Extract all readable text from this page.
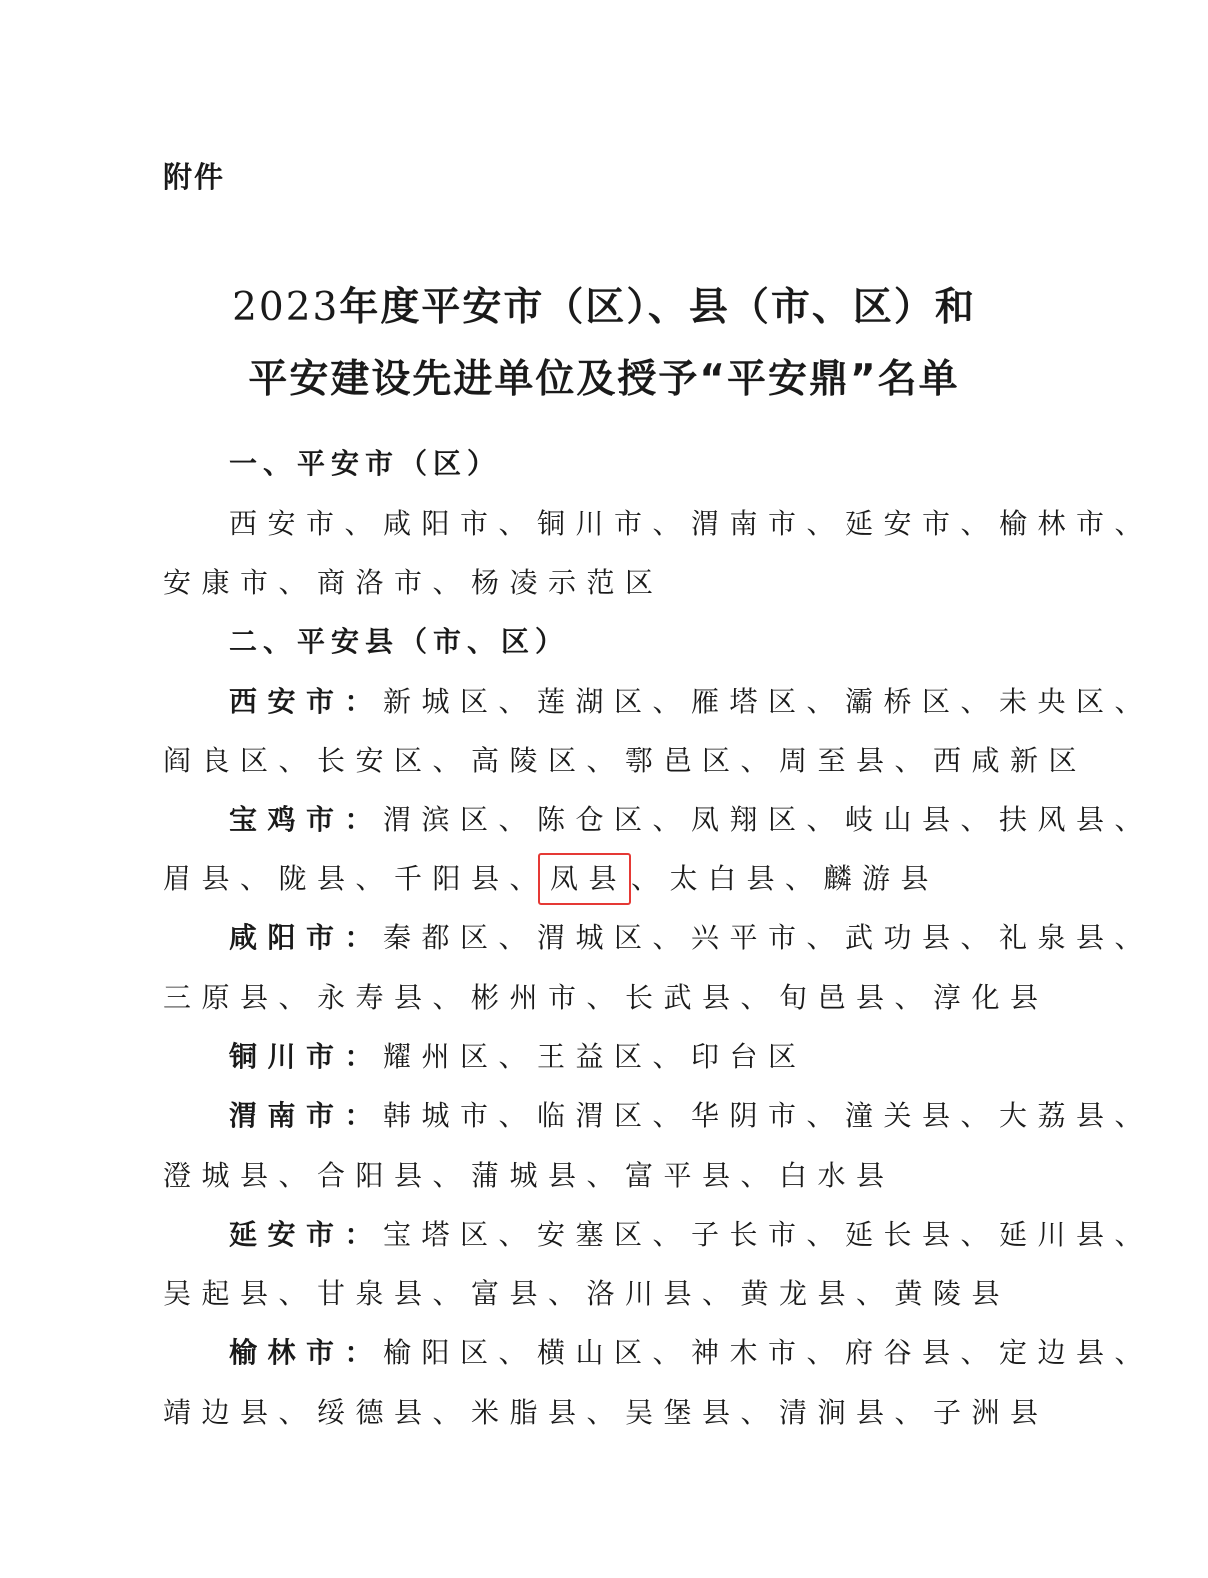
附件
2023年度平安市（区）、县（市、区）和
平安建设先进单位及授予“平安鼎”名单
一、平安市（区）
西安市、咸阳市、铜川市、渭南市、延安市、榆林市、
安康市、商洛市、杨凌示范区
二、平安县（市、区）
西安市：新城区、莲湖区、雁塔区、灞桥区、未央区、
阎良区、长安区、高陵区、鄠邑区、周至县、西咸新区
宝鸡市：渭滨区、陈仓区、凤翔区、岐山县、扶风县、
眉县、陇县、千阳县、凤县 、太白县、麟游县
咸阳市：秦都区、渭城区、兴平市、武功县、礼泉县、
三原县、永寿县、彬州市、长武县、旬邑县、淳化县
铜川市：耀州区、王益区、印台区
渭南市：韩城市、临渭区、华阴市、潼关县、大荔县、
澄城县、合阳县、蒲城县、富平县、白水县
延安市：宝塔区、安塞区、子长市、延长县、延川县、
吴起县、甘泉县、富县、洛川县、黄龙县、黄陵县
榆林市：榆阳区、横山区、神木市、府谷县、定边县、
靖边县、绥德县、米脂县、吴堡县、清涧县、子洲县
